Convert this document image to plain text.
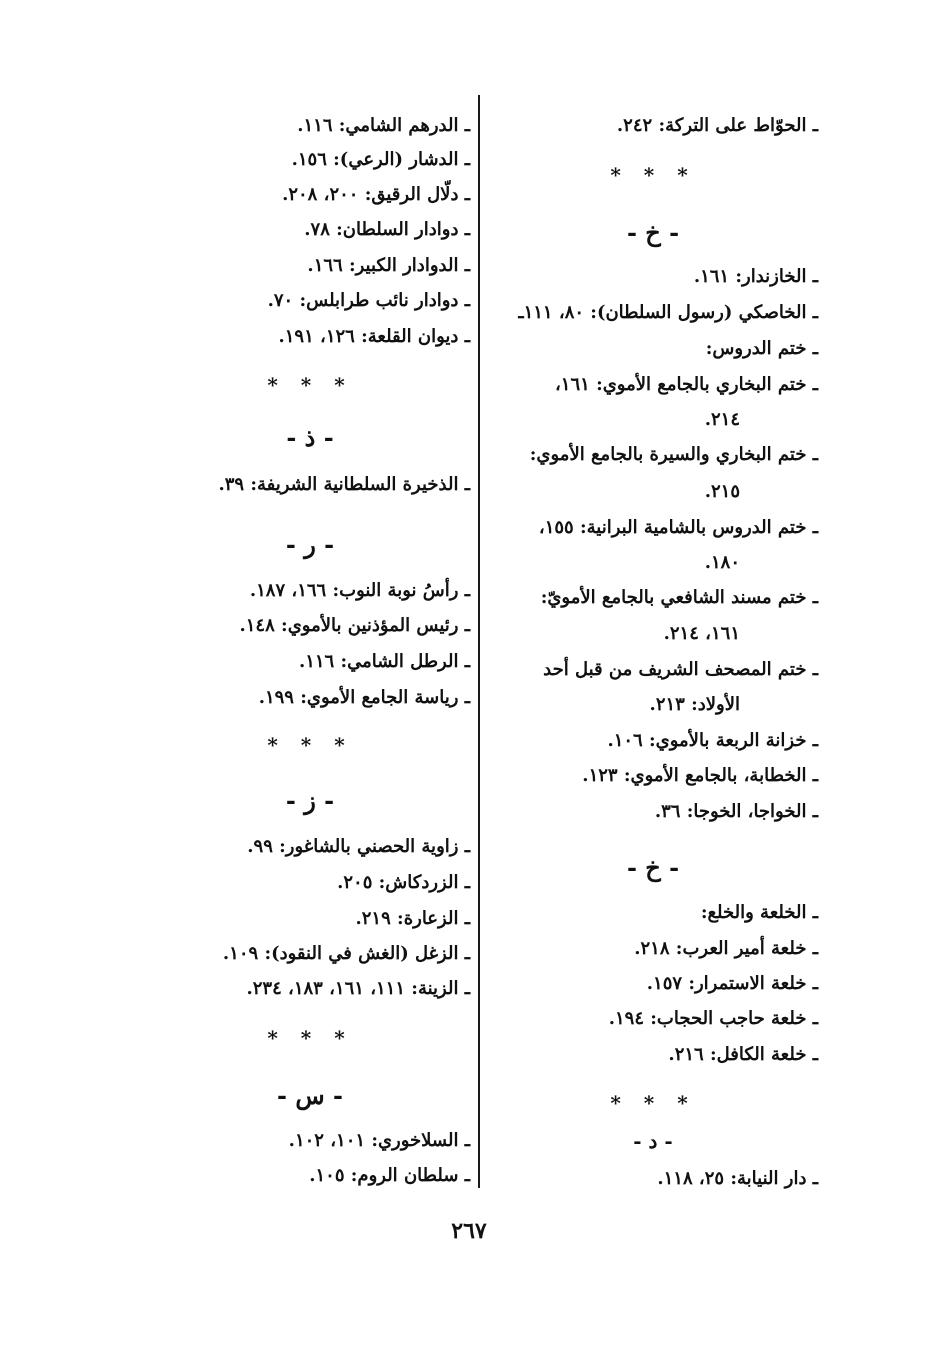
ـ الحوّاط على التركة: ٢٤٢.
* * *
- خ -
ـ الخازندار: ١٦١.
ـ الخاصكي (رسول السلطان): ٨٠، ١١١ـ
ـ ختم الدروس:
ـ ختم البخاري بالجامع الأموي: ١٦١،
٢١٤.
ـ ختم البخاري والسيرة بالجامع الأموي:
٢١٥.
ـ ختم الدروس بالشامية البرانية: ١٥٥،
١٨٠.
ـ ختم مسند الشافعي بالجامع الأمويّ:
١٦١، ٢١٤.
ـ ختم المصحف الشريف من قبل أحد
الأولاد: ٢١٣.
ـ خزانة الربعة بالأموي: ١٠٦.
ـ الخطابة، بالجامع الأموي: ١٢٣.
ـ الخواجا، الخوجا: ٣٦.
- خ -
ـ الخلعة والخلع:
ـ خلعة أمير العرب: ٢١٨.
ـ خلعة الاستمرار: ١٥٧.
ـ خلعة حاجب الحجاب: ١٩٤.
ـ خلعة الكافل: ٢١٦.
* * *
- د -
ـ دار النيابة: ٢٥، ١١٨.
ـ الدرهم الشامي: ١١٦.
ـ الدشار (الرعي): ١٥٦.
ـ دلّال الرقيق: ٢٠٠، ٢٠٨.
ـ دوادار السلطان: ٧٨.
ـ الدوادار الكبير: ١٦٦.
ـ دوادار نائب طرابلس: ٧٠.
ـ ديوان القلعة: ١٢٦، ١٩١.
* * *
- ذ -
ـ الذخيرة السلطانية الشريفة: ٣٩.
- ر -
ـ رأسُ نوبة النوب: ١٦٦، ١٨٧.
ـ رئيس المؤذنين بالأموي: ١٤٨.
ـ الرطل الشامي: ١١٦.
ـ رياسة الجامع الأموي: ١٩٩.
* * *
- ز -
ـ زاوية الحصني بالشاغور: ٩٩.
ـ الزردكاش: ٢٠٥.
ـ الزعارة: ٢١٩.
ـ الزغل (الغش في النقود): ١٠٩.
ـ الزينة: ١١١، ١٦١، ١٨٣، ٢٣٤.
* * *
- س -
ـ السلاخوري: ١٠١، ١٠٢.
ـ سلطان الروم: ١٠٥.
٢٦٧
